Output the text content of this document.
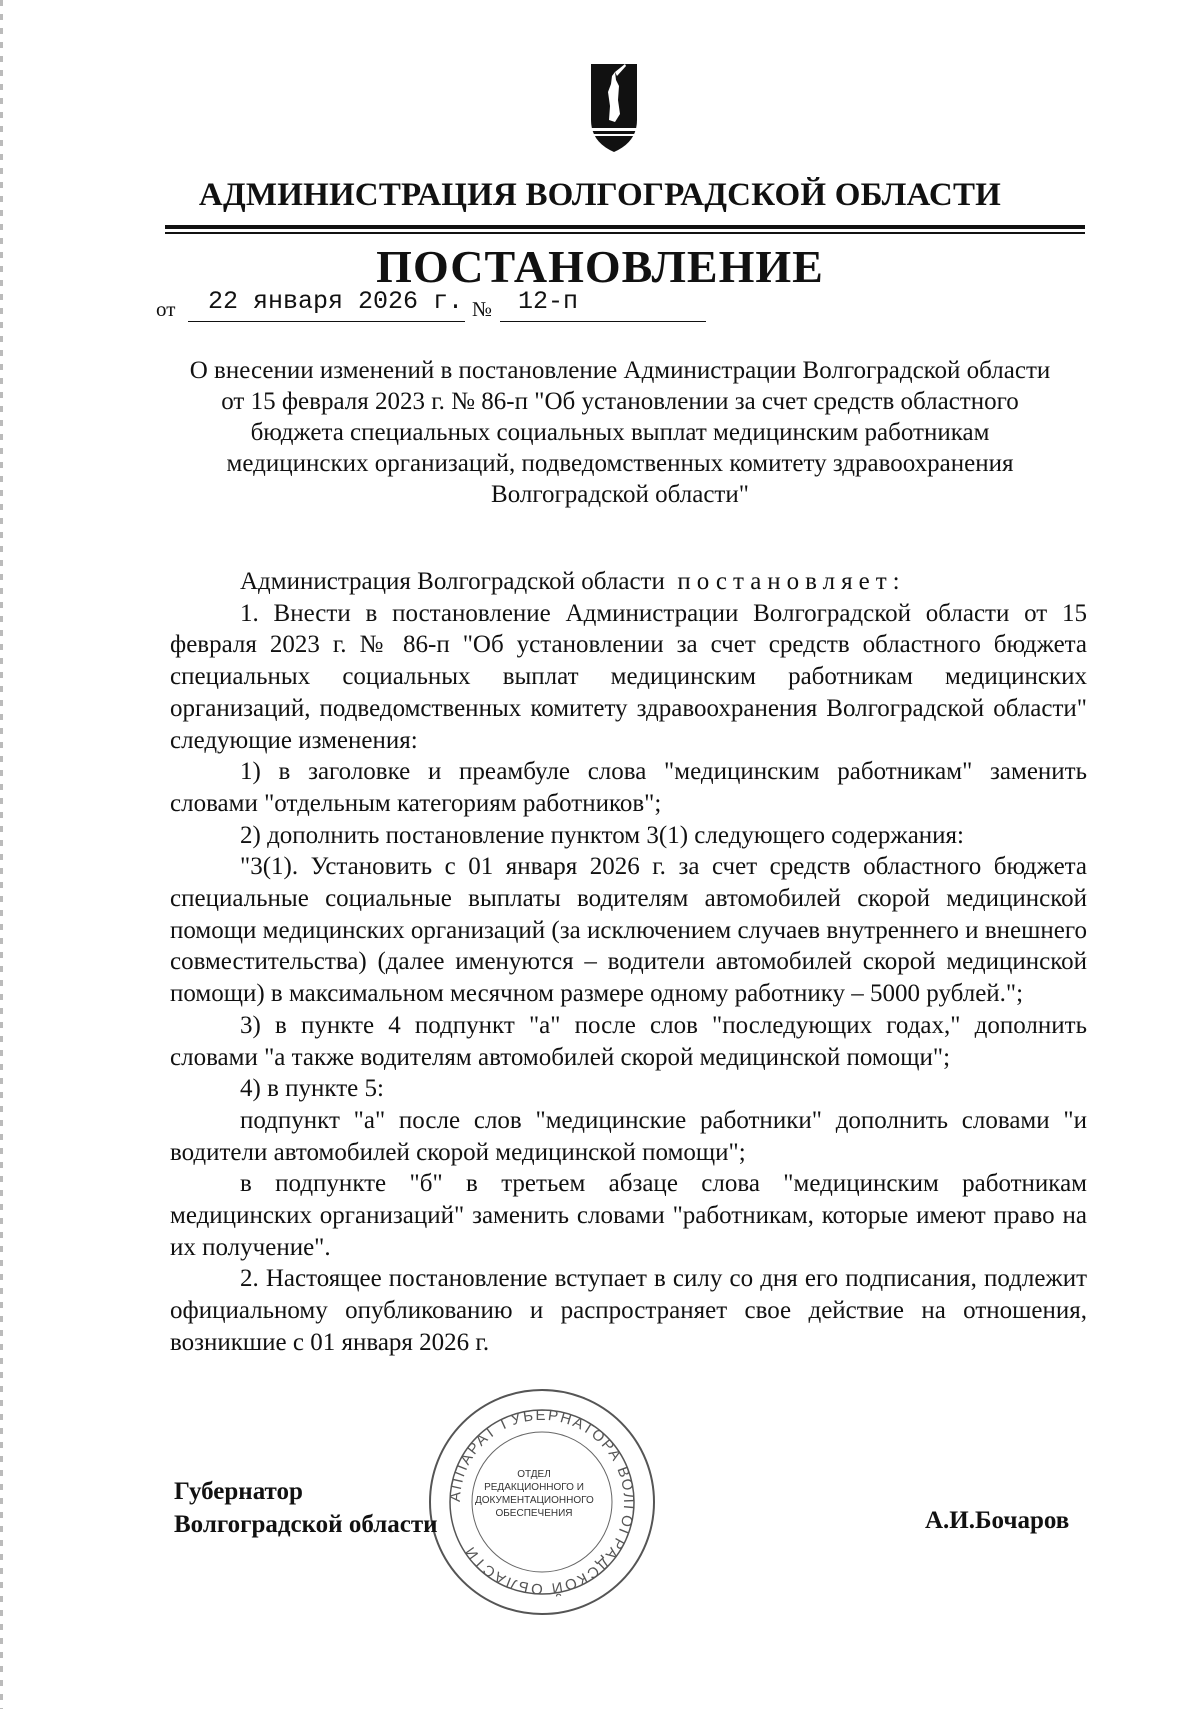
АДМИНИСТРАЦИЯ ВОЛГОГРАДСКОЙ ОБЛАСТИ
ПОСТАНОВЛЕНИЕ
от 22 января 2026 г. № 12-п
О внесении изменений в постановление Администрации Волгоградской области от 15 февраля 2023 г. № 86-п "Об установлении за счет средств областного бюджета специальных социальных выплат медицинским работникам медицинских организаций, подведомственных комитету здравоохранения Волгоградской области"

Администрация Волгоградской области постановляет:

1. Внести в постановление Администрации Волгоградской области от 15 февраля 2023 г. № 86-п "Об установлении за счет средств областного бюджета специальных социальных выплат медицинским работникам медицинских организаций, подведомственных комитету здравоохранения Волгоградской области" следующие изменения:

1) в заголовке и преамбуле слова "медицинским работникам" заменить словами "отдельным категориям работников";

2) дополнить постановление пунктом 3(1) следующего содержания:

"3(1). Установить с 01 января 2026 г. за счет средств областного бюджета специальные социальные выплаты водителям автомобилей скорой медицинской помощи медицинских организаций (за исключением случаев внутреннего и внешнего совместительства) (далее именуются – водители автомобилей скорой медицинской помощи) в максимальном месячном размере одному работнику – 5000 рублей.";

3) в пункте 4 подпункт "а" после слов "последующих годах," дополнить словами "а также водителям автомобилей скорой медицинской помощи";

4) в пункте 5:

подпункт "а" после слов "медицинские работники" дополнить словами "и водители автомобилей скорой медицинской помощи";

в подпункте "б" в третьем абзаце слова "медицинским работникам медицинских организаций" заменить словами "работникам, которые имеют право на их получение".

2. Настоящее постановление вступает в силу со дня его подписания, подлежит официальному опубликованию и распространяет свое действие на отношения, возникшие с 01 января 2026 г.

АППАРАТ ГУБЕРНАТОРА ВОЛГОГРАДСКОЙ ОБЛАСТИ
ОТДЕЛ
РЕДАКЦИОННОГО И
ДОКУМЕНТАЦИОННОГО
ОБЕСПЕЧЕНИЯ
Губернатор
Волгоградской области	А.И.Бочаров
